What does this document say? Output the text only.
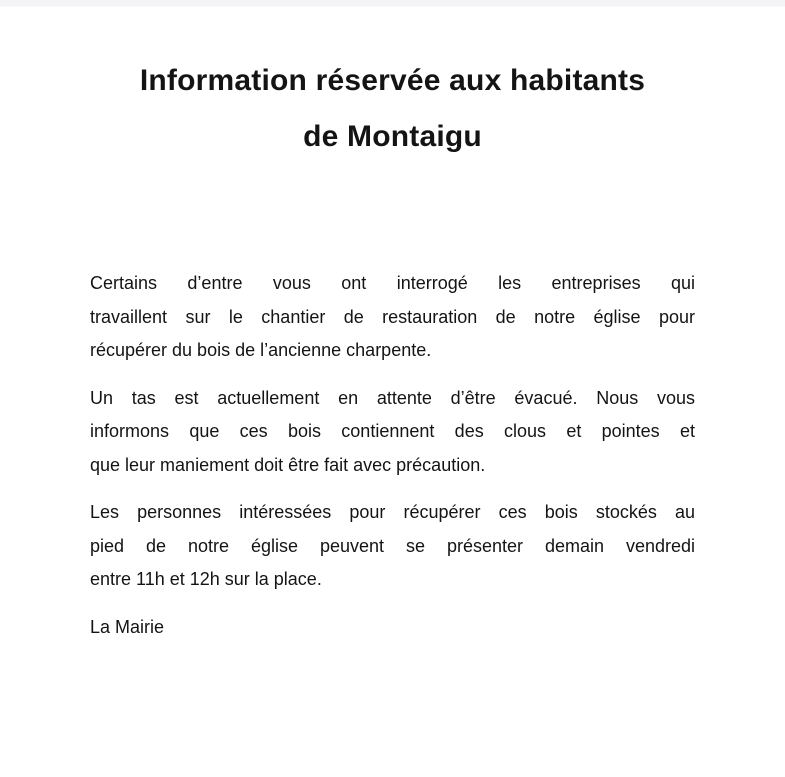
Information réservée aux habitants
de Montaigu
Certains d’entre vous ont interrogé les entreprises qui
travaillent sur le chantier de restauration de notre église pour
récupérer du bois de l’ancienne charpente.
Un tas est actuellement en attente d’être évacué. Nous vous
informons que ces bois contiennent des clous et pointes et
que leur maniement doit être fait avec précaution.
Les personnes intéressées pour récupérer ces bois stockés au
pied de notre église peuvent se présenter demain vendredi
entre 11h et 12h sur la place.
La Mairie
